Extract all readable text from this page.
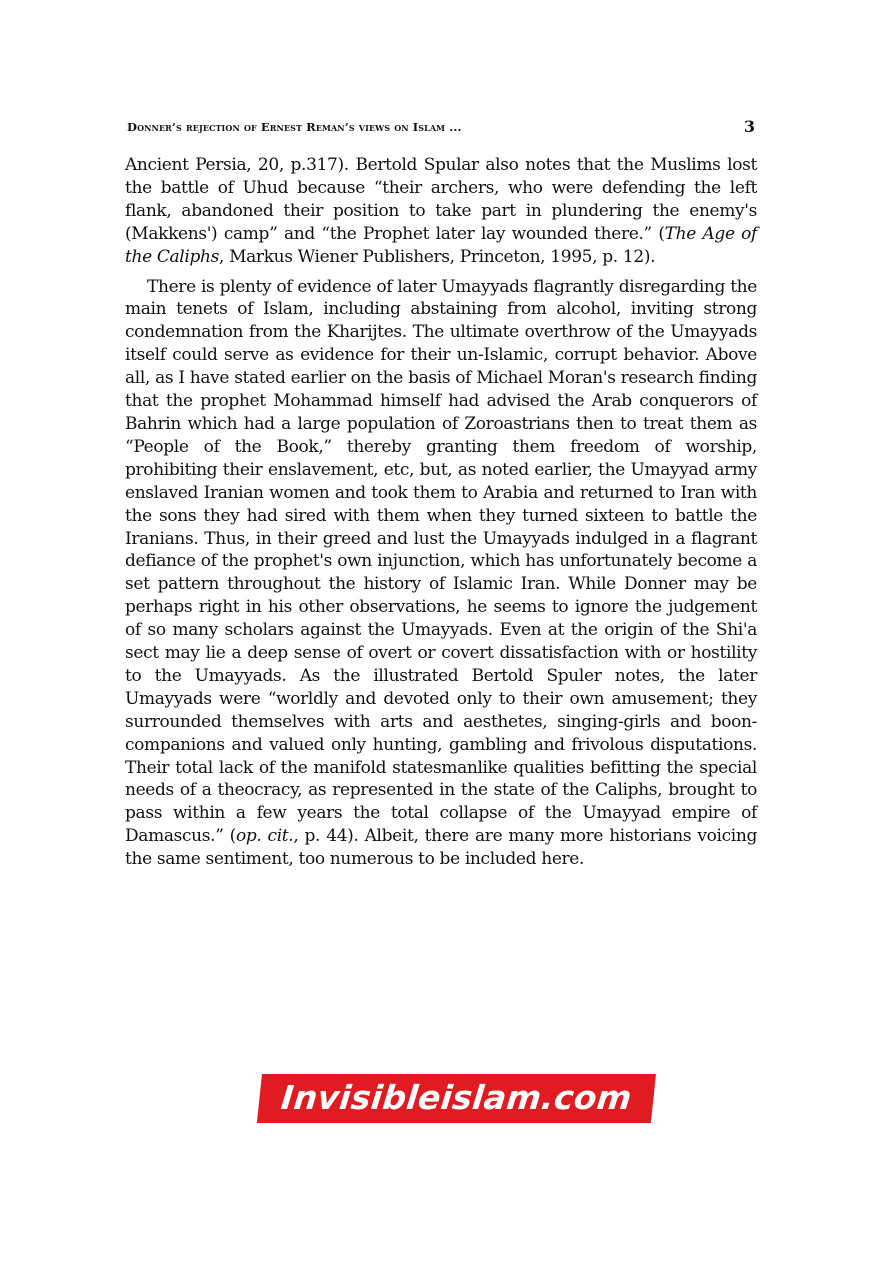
Donner’s rejection of Ernest Reman’s views on Islam ...	3

Ancient Persia, 20, p.317). Bertold Spular also notes that the Muslims lost the battle of Uhud because “their archers, who were defending the left flank, abandoned their position to take part in plundering the enemy's (Makkens') camp” and “the Prophet later lay wounded there.” (The Age of the Caliphs, Markus Wiener Publishers, Princeton, 1995, p. 12).

There is plenty of evidence of later Umayyads flagrantly disregarding the main tenets of Islam, including abstaining from alcohol, inviting strong condemnation from the Kharijtes. The ultimate overthrow of the Umayyads itself could serve as evidence for their un-Islamic, corrupt behavior. Above all, as I have stated earlier on the basis of Michael Moran's research finding that the prophet Mohammad himself had advised the Arab conquerors of Bahrin which had a large population of Zoroastrians then to treat them as “People of the Book,” thereby granting them freedom of worship, prohibiting their enslavement, etc, but, as noted earlier, the Umayyad army enslaved Iranian women and took them to Arabia and returned to Iran with the sons they had sired with them when they turned sixteen to battle the Iranians. Thus, in their greed and lust the Umayyads indulged in a flagrant defiance of the prophet's own injunction, which has unfortunately become a set pattern throughout the history of Islamic Iran. While Donner may be perhaps right in his other observations, he seems to ignore the judgement of so many scholars against the Umayyads. Even at the origin of the Shi'a sect may lie a deep sense of overt or covert dissatisfaction with or hostility to the Umayyads. As the illustrated Bertold Spuler notes, the later Umayyads were “worldly and devoted only to their own amusement; they surrounded themselves with arts and aesthetes, singing-girls and boon-companions and valued only hunting, gambling and frivolous disputations. Their total lack of the manifold statesmanlike qualities befitting the special needs of a theocracy, as represented in the state of the Caliphs, brought to pass within a few years the total collapse of the Umayyad empire of Damascus.” (op. cit., p. 44). Albeit, there are many more historians voicing the same sentiment, too numerous to be included here.

Invisibleislam.com
